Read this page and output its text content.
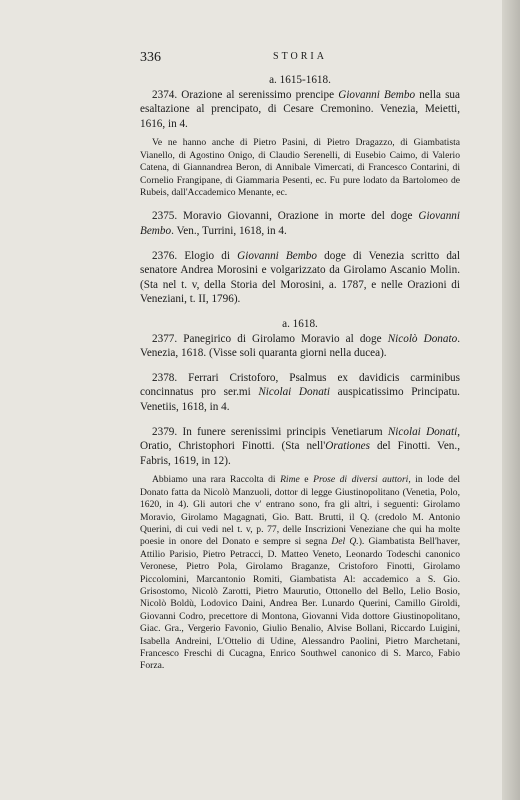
336	STORIA

a. 1615-1618.

2374. Orazione al serenissimo prencipe Giovanni Bembo nella sua esaltazione al prencipato, di Cesare Cremonino. Venezia, Meietti, 1616, in 4.

Ve ne hanno anche di Pietro Pasini, di Pietro Dragazzo, di Giambatista Vianello, di Agostino Onigo, di Claudio Serenelli, di Eusebio Caimo, di Valerio Catena, di Giannandrea Beron, di Annibale Vimercati, di Francesco Contarini, di Cornelio Frangipane, di Giammaria Pesenti, ec. Fu pure lodato da Bartolomeo de Rubeis, dall'Accademico Menante, ec.

2375. Moravio Giovanni, Orazione in morte del doge Giovanni Bembo. Ven., Turrini, 1618, in 4.

2376. Elogio di Giovanni Bembo doge di Venezia scritto dal senatore Andrea Morosini e volgarizzato da Girolamo Ascanio Molin. (Sta nel t. v, della Storia del Morosini, a. 1787, e nelle Orazioni di Veneziani, t. II, 1796).

a. 1618.

2377. Panegirico di Girolamo Moravio al doge Nicolò Donato. Venezia, 1618. (Visse soli quaranta giorni nella ducea).

2378. Ferrari Cristoforo, Psalmus ex davidicis carminibus concinnatus pro ser.mi Nicolai Donati auspicatissimo Principatu. Venetiis, 1618, in 4.

2379. In funere serenissimi principis Venetiarum Nicolai Donati, Oratio, Christophori Finotti. (Sta nell'Orationes del Finotti. Ven., Fabris, 1619, in 12).

Abbiamo una rara Raccolta di Rime e Prose di diversi auttori, in lode del Donato fatta da Nicolò Manzuoli, dottor di legge Giustinopolitano (Venetia, Polo, 1620, in 4). Gli autori che v' entrano sono, fra gli altri, i seguenti: Girolamo Moravio, Girolamo Magagnati, Gio. Batt. Brutti, il Q. (credolo M. Antonio Querini, di cui vedi nel t. v, p. 77, delle Inscrizioni Veneziane che qui ha molte poesie in onore del Donato e sempre si segna Del Q.). Giambatista Bell'haver, Attilio Parisio, Pietro Petracci, D. Matteo Veneto, Leonardo Todeschi canonico Veronese, Pietro Pola, Girolamo Braganze, Cristoforo Finotti, Girolamo Piccolomini, Marcantonio Romiti, Giambatista Al: accademico a S. Gio. Grisostomo, Nicolò Zarotti, Pietro Maurutio, Ottonello del Bello, Lelio Bosio, Nicolò Boldù, Lodovico Daini, Andrea Ber. Lunardo Querini, Camillo Giroldi, Giovanni Codro, precettore di Montona, Giovanni Vida dottore Giustinopolitano, Giac. Gra., Vergerio Favonio, Giulio Benalio, Alvise Bollani, Riccardo Luigini, Isabella Andreini, L'Ottelio di Udine, Alessandro Paolini, Pietro Marchetani, Francesco Freschi di Cucagna, Enrico Southwel canonico di S. Marco, Fabio Forza.
